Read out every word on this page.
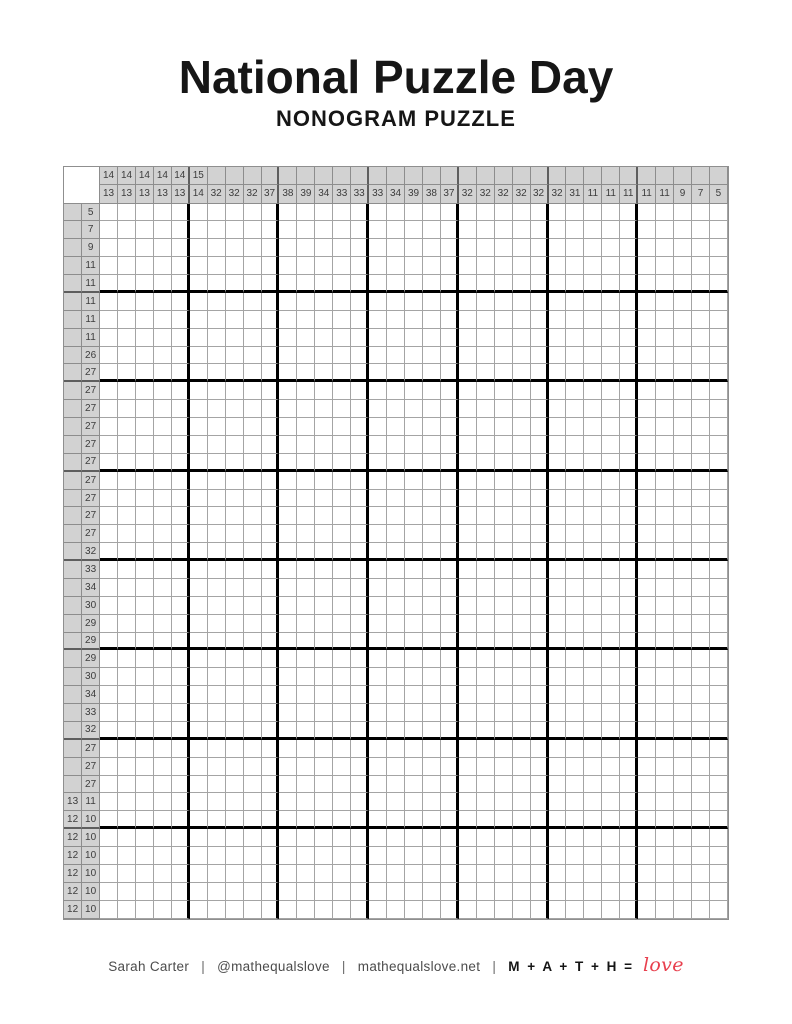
National Puzzle Day
NONOGRAM PUZZLE
14
13
14
13
14
13
14
13
14
13
15
14 32 32 32 37 38 39 34 33 33 33 34 39 38 37 32 32 32 32 32 32 31 11 11 11 11 11 9	7	5
5
7
9
11
11
11
11
11
26
27
27
27
27
27
27
27
27
27
27
32
33
34
30
29
29
29
30
34
33
32
27
27
27
13 11
12 10
12 10
12 10
12 10
12 10
12 10
Sarah Carter | @mathequalslove | mathequalslove.net | M + A + T + H = love
